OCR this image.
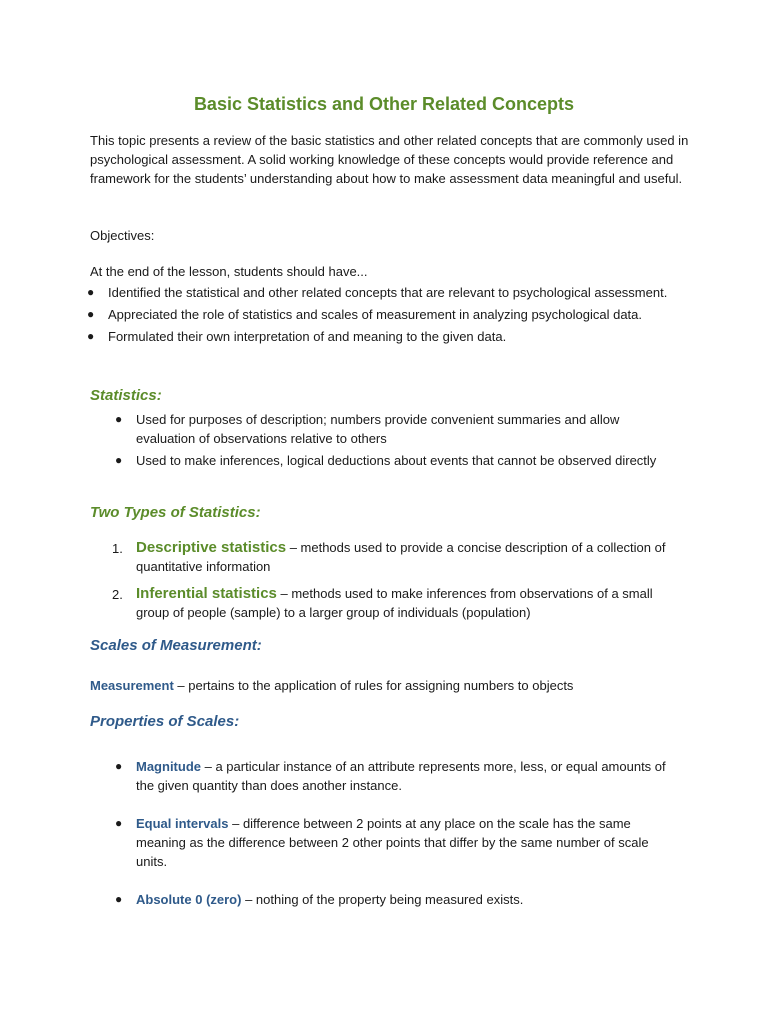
Basic Statistics and Other Related Concepts

This topic presents a review of the basic statistics and other related concepts that are commonly used in psychological assessment. A solid working knowledge of these concepts would provide reference and framework for the students’ understanding about how to make assessment data meaningful and useful.

Objectives:

At the end of the lesson, students should have...

● Identified the statistical and other related concepts that are relevant to psychological assessment.
● Appreciated the role of statistics and scales of measurement in analyzing psychological data.
● Formulated their own interpretation of and meaning to the given data.
Statistics:
● Used for purposes of description; numbers provide convenient summaries and allow evaluation of observations relative to others
● Used to make inferences, logical deductions about events that cannot be observed directly
Two Types of Statistics:
1. Descriptive statistics – methods used to provide a concise description of a collection of quantitative information
2. Inferential statistics – methods used to make inferences from observations of a small group of people (sample) to a larger group of individuals (population)
Scales of Measurement:

Measurement – pertains to the application of rules for assigning numbers to objects

Properties of Scales:
● Magnitude – a particular instance of an attribute represents more, less, or equal amounts of the given quantity than does another instance.
● Equal intervals – difference between 2 points at any place on the scale has the same meaning as the difference between 2 other points that differ by the same number of scale units.
● Absolute 0 (zero) – nothing of the property being measured exists.
